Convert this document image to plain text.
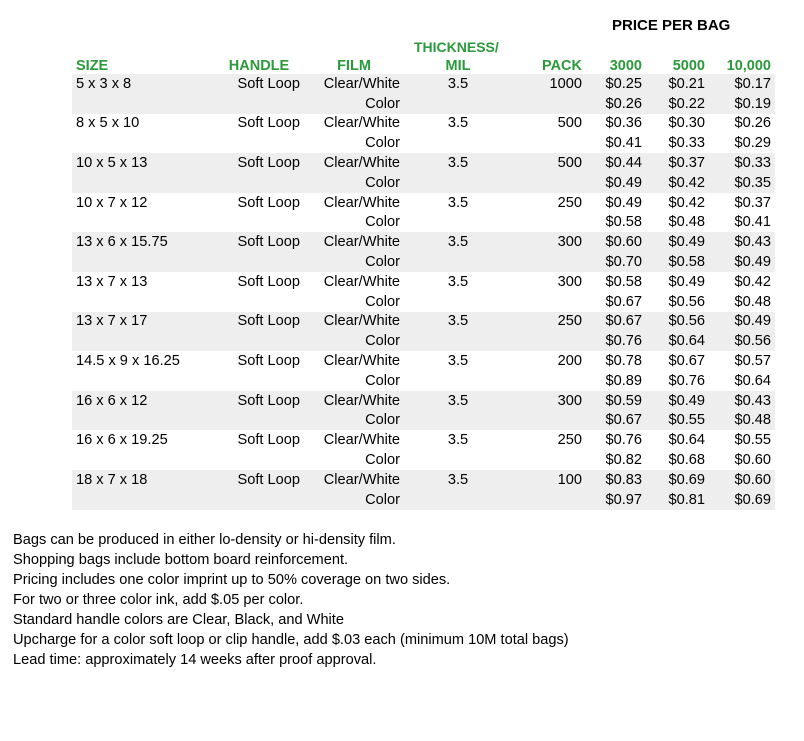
PRICE PER BAG
THICKNESS/
SIZE	HANDLE	FILM	MIL	PACK	3000	5000	10,000
5 x 3 x 8	Soft Loop	Clear/White	3.5	1000	$0.25	$0.21	$0.17
		Color			$0.26	$0.22	$0.19
8 x 5 x 10	Soft Loop	Clear/White	3.5	500	$0.36	$0.30	$0.26
		Color			$0.41	$0.33	$0.29
10 x 5 x 13	Soft Loop	Clear/White	3.5	500	$0.44	$0.37	$0.33
		Color			$0.49	$0.42	$0.35
10 x 7 x 12	Soft Loop	Clear/White	3.5	250	$0.49	$0.42	$0.37
		Color			$0.58	$0.48	$0.41
13 x 6 x 15.75	Soft Loop	Clear/White	3.5	300	$0.60	$0.49	$0.43
		Color			$0.70	$0.58	$0.49
13 x 7 x 13	Soft Loop	Clear/White	3.5	300	$0.58	$0.49	$0.42
		Color			$0.67	$0.56	$0.48
13 x 7 x 17	Soft Loop	Clear/White	3.5	250	$0.67	$0.56	$0.49
		Color			$0.76	$0.64	$0.56
14.5 x 9 x 16.25	Soft Loop	Clear/White	3.5	200	$0.78	$0.67	$0.57
		Color			$0.89	$0.76	$0.64
16 x 6 x 12	Soft Loop	Clear/White	3.5	300	$0.59	$0.49	$0.43
		Color			$0.67	$0.55	$0.48
16 x 6 x 19.25	Soft Loop	Clear/White	3.5	250	$0.76	$0.64	$0.55
		Color			$0.82	$0.68	$0.60
18 x 7 x 18	Soft Loop	Clear/White	3.5	100	$0.83	$0.69	$0.60
		Color			$0.97	$0.81	$0.69
Bags can be produced in either lo-density or hi-density film.
Shopping bags include bottom board reinforcement.
Pricing includes one color imprint up to 50% coverage on two sides.
For two or three color ink, add $.05 per color.
Standard handle colors are Clear, Black, and White
Upcharge for a color soft loop or clip handle, add $.03 each (minimum 10M total bags)
Lead time: approximately 14 weeks after proof approval.
